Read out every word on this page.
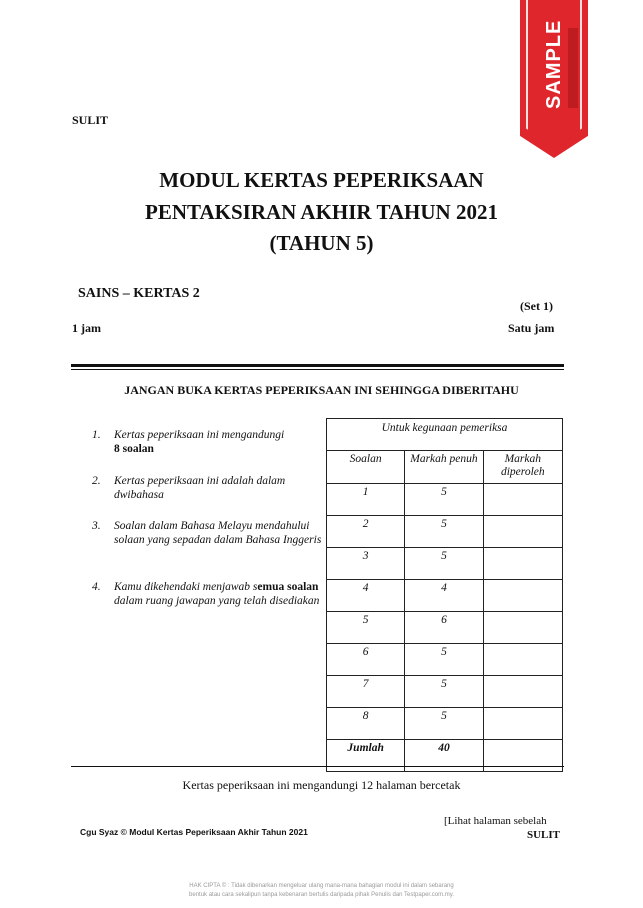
SAMPLE
SULIT
MODUL KERTAS PEPERIKSAAN
PENTAKSIRAN AKHIR TAHUN 2021
(TAHUN 5)
SAINS – KERTAS 2
(Set 1)
1 jam	Satu jam
JANGAN BUKA KERTAS PEPERIKSAAN INI SEHINGGA DIBERITAHU
1. Kertas peperiksaan ini mengandungi
8 soalan
2. Kertas peperiksaan ini adalah dalam dwibahasa
3. Soalan dalam Bahasa Melayu mendahului solaan yang sepadan dalam Bahasa Inggeris
4. Kamu dikehendaki menjawab semua soalan dalam ruang jawapan yang telah disediakan
Untuk kegunaan pemeriksa		
Soalan	Markah penuh	Markah diperoleh
1	5	
2	5	
3	5	
4	4	
5	6	
6	5	
7	5	
8	5	
Jumlah	40	
Kertas peperiksaan ini mengandungi 12 halaman bercetak
Cgu Syaz © Modul Kertas Peperiksaan Akhir Tahun 2021
[Lihat halaman sebelah
SULIT
HAK CIPTA © : Tidak dibenarkan mengeluar ulang mana-mana bahagian modul ini dalam sebarang
bentuk atau cara sekalipun tanpa kebenaran bertulis daripada pihak Penulis dan Testpaper.com.my.
